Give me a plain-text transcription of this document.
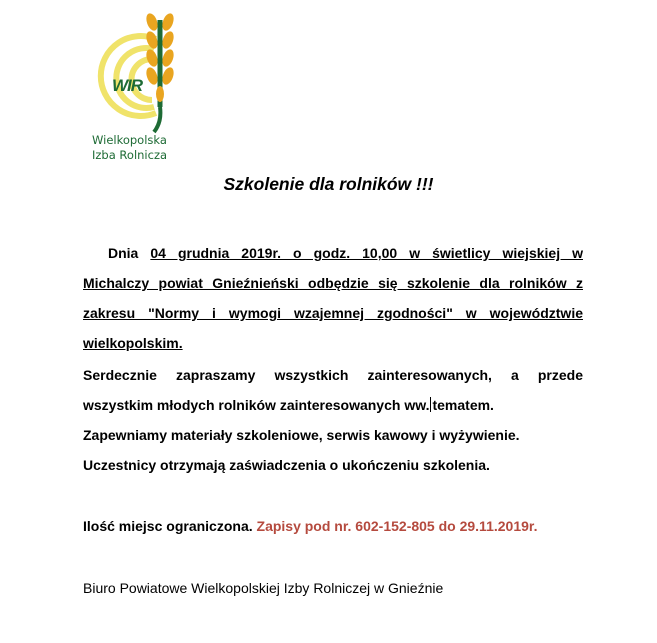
WIR
Wielkopolska
Izba Rolnicza
Szkolenie dla rolników !!!
Dnia 04 grudnia 2019r. o godz. 10,00 w świetlicy wiejskiej w
Michalczy powiat Gnieźnieński odbędzie się szkolenie dla rolników z
zakresu "Normy i wymogi wzajemnej zgodności" w województwie
wielkopolskim.
Serdecznie zapraszamy wszystkich zainteresowanych, a przede
wszystkim młodych rolników zainteresowanych ww. tematem.
Zapewniamy materiały szkoleniowe, serwis kawowy i wyżywienie.
Uczestnicy otrzymają zaświadczenia o ukończeniu szkolenia.
Ilość miejsc ograniczona. Zapisy pod nr. 602-152-805 do 29.11.2019r.
Biuro Powiatowe Wielkopolskiej Izby Rolniczej w Gnieźnie
